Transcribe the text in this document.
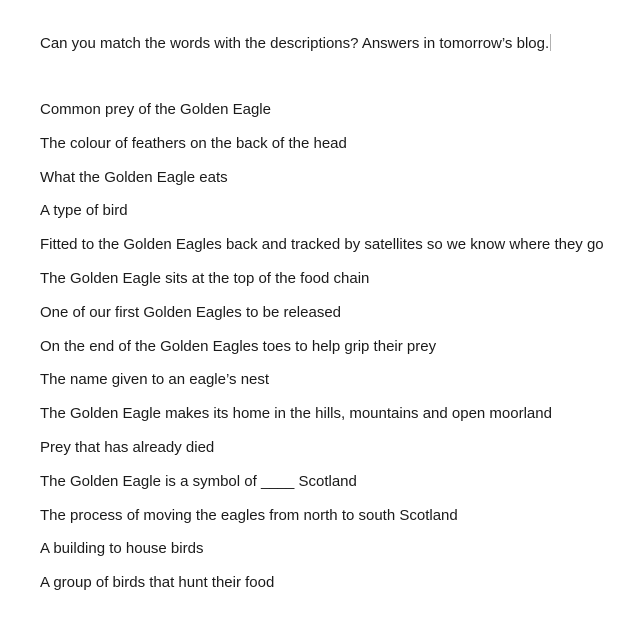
Can you match the words with the descriptions? Answers in tomorrow’s blog.
Common prey of the Golden Eagle
The colour of feathers on the back of the head
What the Golden Eagle eats
A type of bird
Fitted to the Golden Eagles back and tracked by satellites so we know where they go
The Golden Eagle sits at the top of the food chain
One of our first Golden Eagles to be released
On the end of the Golden Eagles toes to help grip their prey
The name given to an eagle’s nest
The Golden Eagle makes its home in the hills, mountains and open moorland
Prey that has already died
The Golden Eagle is a symbol of ____ Scotland
The process of moving the eagles from north to south Scotland
A building to house birds
A group of birds that hunt their food
